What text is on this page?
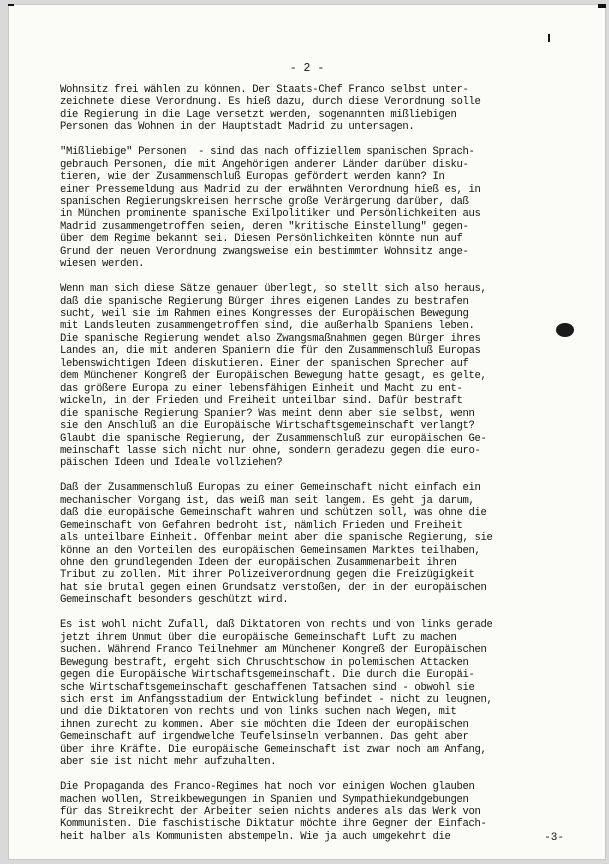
- 2 -

Wohnsitz frei wählen zu können. Der Staats-Chef Franco selbst unter-
zeichnete diese Verordnung. Es hieß dazu, durch diese Verordnung solle
die Regierung in die Lage versetzt werden, sogenannten mißliebigen
Personen das Wohnen in der Hauptstadt Madrid zu untersagen.

"Mißliebige" Personen  - sind das nach offiziellem spanischen Sprach-
gebrauch Personen, die mit Angehörigen anderer Länder darüber disku-
tieren, wie der Zusammenschluß Europas gefördert werden kann? In
einer Pressemeldung aus Madrid zu der erwähnten Verordnung hieß es, in
spanischen Regierungskreisen herrsche große Verärgerung darüber, daß
in München prominente spanische Exilpolitiker und Persönlichkeiten aus
Madrid zusammengetroffen seien, deren "kritische Einstellung" gegen-
über dem Regime bekannt sei. Diesen Persönlichkeiten könnte nun auf
Grund der neuen Verordnung zwangsweise ein bestimmter Wohnsitz ange-
wiesen werden.

Wenn man sich diese Sätze genauer überlegt, so stellt sich also heraus,
daß die spanische Regierung Bürger ihres eigenen Landes zu bestrafen
sucht, weil sie im Rahmen eines Kongresses der Europäischen Bewegung
mit Landsleuten zusammengetroffen sind, die außerhalb Spaniens leben.
Die spanische Regierung wendet also Zwangsmaßnahmen gegen Bürger ihres
Landes an, die mit anderen Spaniern die für den Zusammenschluß Europas
lebenswichtigen Ideen diskutieren. Einer der spanischen Sprecher auf
dem Münchener Kongreß der Europäischen Bewegung hatte gesagt, es gelte,
das größere Europa zu einer lebensfähigen Einheit und Macht zu ent-
wickeln, in der Frieden und Freiheit unteilbar sind. Dafür bestraft
die spanische Regierung Spanier? Was meint denn aber sie selbst, wenn
sie den Anschluß an die Europäische Wirtschaftsgemeinschaft verlangt?
Glaubt die spanische Regierung, der Zusammenschluß zur europäischen Ge-
meinschaft lasse sich nicht nur ohne, sondern geradezu gegen die euro-
päischen Ideen und Ideale vollziehen?

Daß der Zusammenschluß Europas zu einer Gemeinschaft nicht einfach ein
mechanischer Vorgang ist, das weiß man seit langem. Es geht ja darum,
daß die europäische Gemeinschaft wahren und schützen soll, was ohne die
Gemeinschaft von Gefahren bedroht ist, nämlich Frieden und Freiheit
als unteilbare Einheit. Offenbar meint aber die spanische Regierung, sie
könne an den Vorteilen des europäischen Gemeinsamen Marktes teilhaben,
ohne den grundlegenden Ideen der europäischen Zusammenarbeit ihren
Tribut zu zollen. Mit ihrer Polizeiverordnung gegen die Freizügigkeit
hat sie brutal gegen einen Grundsatz verstoßen, der in der europäischen
Gemeinschaft besonders geschützt wird.

Es ist wohl nicht Zufall, daß Diktatoren von rechts und von links gerade
jetzt ihrem Unmut über die europäische Gemeinschaft Luft zu machen
suchen. Während Franco Teilnehmer am Münchener Kongreß der Europäischen
Bewegung bestraft, ergeht sich Chruschtschow in polemischen Attacken
gegen die Europäische Wirtschaftsgemeinschaft. Die durch die Europäi-
sche Wirtschaftsgemeinschaft geschaffenen Tatsachen sind - obwohl sie
sich erst im Anfangsstadium der Entwicklung befindet - nicht zu leugnen,
und die Diktatoren von rechts und von links suchen nach Wegen, mit
ihnen zurecht zu kommen. Aber sie möchten die Ideen der europäischen
Gemeinschaft auf irgendwelche Teufelsinseln verbannen. Das geht aber
über ihre Kräfte. Die europäische Gemeinschaft ist zwar noch am Anfang,
aber sie ist nicht mehr aufzuhalten.

Die Propaganda des Franco-Regimes hat noch vor einigen Wochen glauben
machen wollen, Streikbewegungen in Spanien und Sympathiekundgebungen
für das Streikrecht der Arbeiter seien nichts anderes als das Werk von
Kommunisten. Die faschistische Diktatur möchte ihre Gegner der Einfach-
heit halber als Kommunisten abstempeln. Wie ja auch umgekehrt die	-3-
